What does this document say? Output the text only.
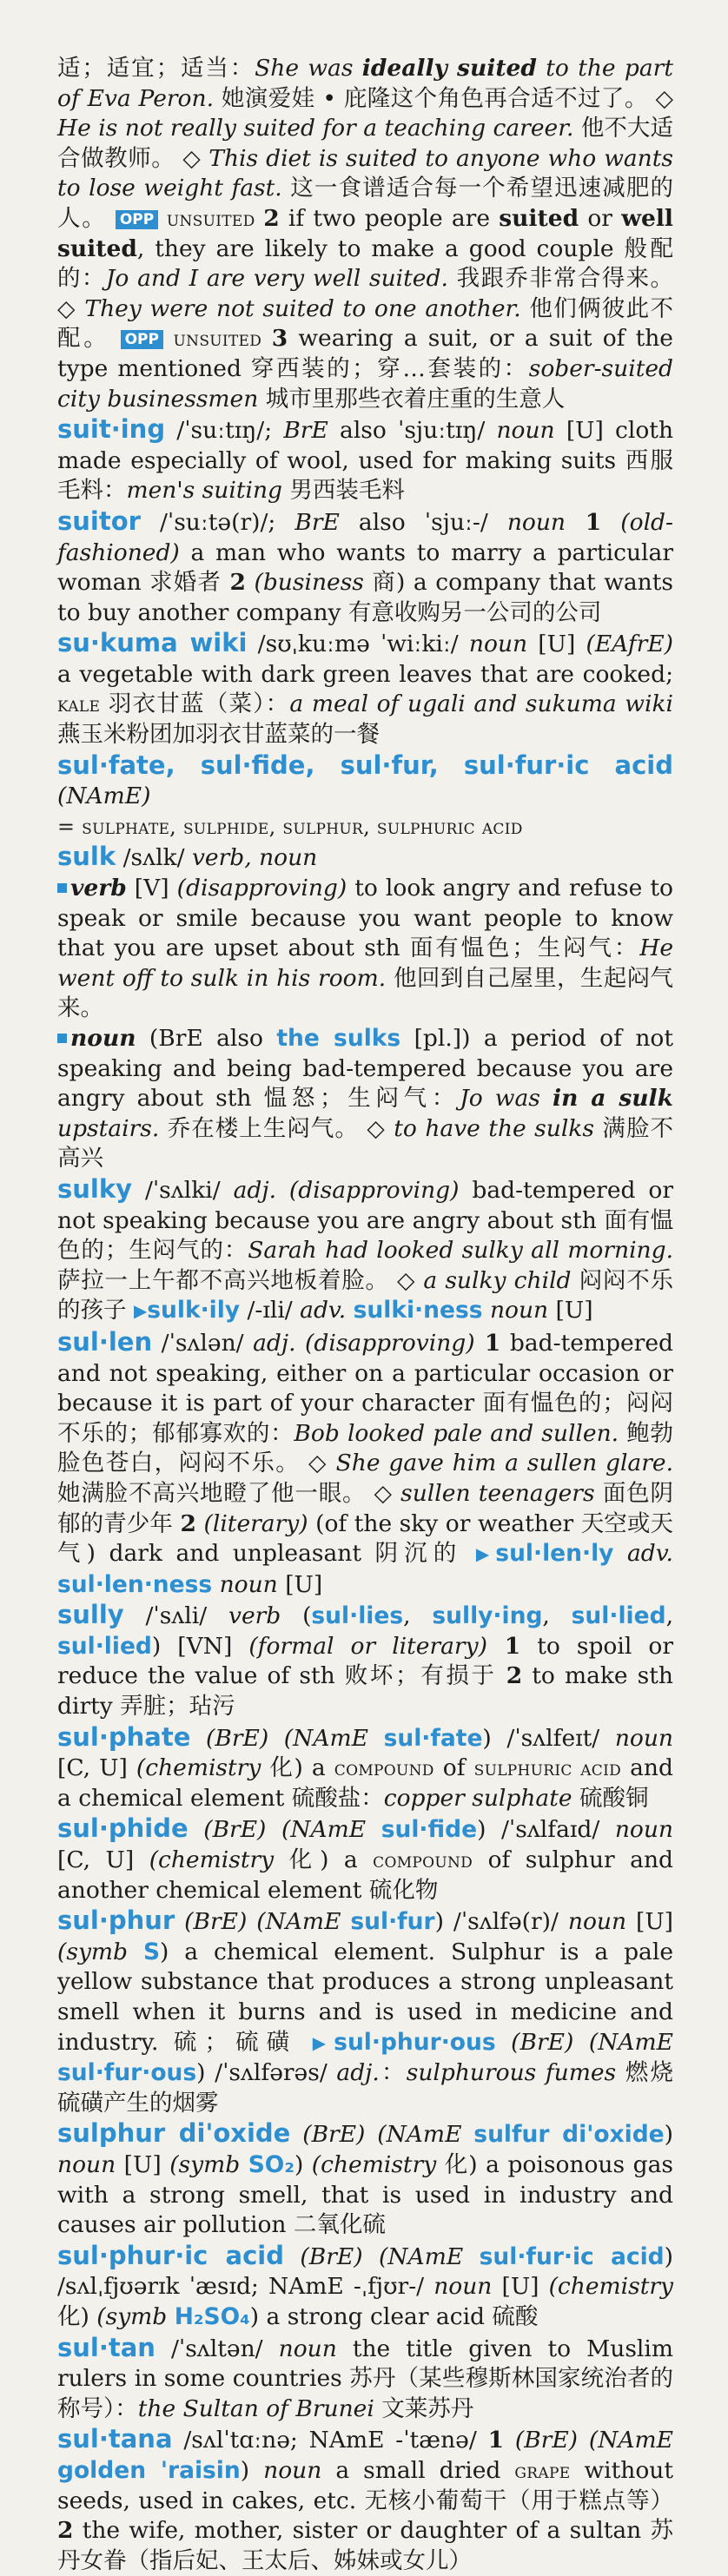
适；适宜；适当：She was ideally suited to the part of Eva Peron. 她演爱娃 • 庇隆这个角色再合适不过了。 ◇ He is not really suited for a teaching career. 他不大适合做教师。 ◇ This diet is suited to anyone who wants to lose weight fast. 这一食谱适合每一个希望迅速减肥的人。 OPP unsuited 2 if two people are suited or well suited, they are likely to make a good couple 般配的：Jo and I are very well suited. 我跟乔非常合得来。 ◇ They were not suited to one another. 他们俩彼此不配。 OPP unsuited 3 wearing a suit, or a suit of the type mentioned 穿西装的；穿…套装的：sober-suited city businessmen 城市里那些衣着庄重的生意人

suit·ing /ˈsuːtɪŋ/; BrE also ˈsjuːtɪŋ/ noun [U] cloth made especially of wool, used for making suits 西服毛料：men's suiting 男西装毛料

suitor /ˈsuːtə(r)/; BrE also ˈsjuː-/ noun 1 (old-fashioned) a man who wants to marry a particular woman 求婚者 2 (business 商) a company that wants to buy another company 有意收购另一公司的公司

su·kuma wiki /sʊˌkuːmə ˈwiːkiː/ noun [U] (EAfrE) a vegetable with dark green leaves that are cooked; kale 羽衣甘蓝（菜）：a meal of ugali and sukuma wiki 燕玉米粉团加羽衣甘蓝菜的一餐

sul·fate, sul·fide, sul·fur, sul·fur·ic acid (NAmE)
= sulphate, sulphide, sulphur, sulphuric acid

sulk /sʌlk/ verb, noun
verb [V] (disapproving) to look angry and refuse to speak or smile because you want people to know that you are upset about sth 面有愠色；生闷气：He went off to sulk in his room. 他回到自己屋里，生起闷气来。
noun (BrE also the sulks [pl.]) a period of not speaking and being bad-tempered because you are angry about sth 愠怒；生闷气：Jo was in a sulk upstairs. 乔在楼上生闷气。 ◇ to have the sulks 满脸不高兴

sulky /ˈsʌlki/ adj. (disapproving) bad-tempered or not speaking because you are angry about sth 面有愠色的；生闷气的：Sarah had looked sulky all morning. 萨拉一上午都不高兴地板着脸。 ◇ a sulky child 闷闷不乐的孩子 ▶sulk·ily /-ɪli/ adv. sulki·ness noun [U]

sul·len /ˈsʌlən/ adj. (disapproving) 1 bad-tempered and not speaking, either on a particular occasion or because it is part of your character 面有愠色的；闷闷不乐的；郁郁寡欢的：Bob looked pale and sullen. 鲍勃脸色苍白，闷闷不乐。 ◇ She gave him a sullen glare. 她满脸不高兴地瞪了他一眼。 ◇ sullen teenagers 面色阴郁的青少年 2 (literary) (of the sky or weather 天空或天气) dark and unpleasant 阴沉的 ▶sul·len·ly adv. sul·len·ness noun [U]

sully /ˈsʌli/ verb (sul·lies, sully·ing, sul·lied, sul·lied) [VN] (formal or literary) 1 to spoil or reduce the value of sth 败坏；有损于 2 to make sth dirty 弄脏；玷污

sul·phate (BrE) (NAmE sul·fate) /ˈsʌlfeɪt/ noun [C, U] (chemistry 化) a compound of sulphuric acid and a chemical element 硫酸盐：copper sulphate 硫酸铜

sul·phide (BrE) (NAmE sul·fide) /ˈsʌlfaɪd/ noun [C, U] (chemistry 化) a compound of sulphur and another chemical element 硫化物

sul·phur (BrE) (NAmE sul·fur) /ˈsʌlfə(r)/ noun [U] (symb S) a chemical element. Sulphur is a pale yellow substance that produces a strong unpleasant smell when it burns and is used in medicine and industry. 硫；硫磺 ▶sul·phur·ous (BrE) (NAmE sul·fur·ous) /ˈsʌlfərəs/ adj.：sulphurous fumes 燃烧硫磺产生的烟雾

sulphur di'oxide (BrE) (NAmE sulfur di'oxide) noun [U] (symb SO₂) (chemistry 化) a poisonous gas with a strong smell, that is used in industry and causes air pollution 二氧化硫

sul·phur·ic acid (BrE) (NAmE sul·fur·ic acid) /sʌlˌfjʊərɪk ˈæsɪd; NAmE -ˌfjʊr-/ noun [U] (chemistry 化) (symb H₂SO₄) a strong clear acid 硫酸

sul·tan /ˈsʌltən/ noun the title given to Muslim rulers in some countries 苏丹（某些穆斯林国家统治者的称号）：the Sultan of Brunei 文莱苏丹

sul·tana /sʌlˈtɑːnə; NAmE -ˈtænə/ 1 (BrE) (NAmE golden 'raisin) noun a small dried grape without seeds, used in cakes, etc. 无核小葡萄干（用于糕点等）2 the wife, mother, sister or daughter of a sultan 苏丹女眷（指后妃、王太后、姊妹或女儿）
